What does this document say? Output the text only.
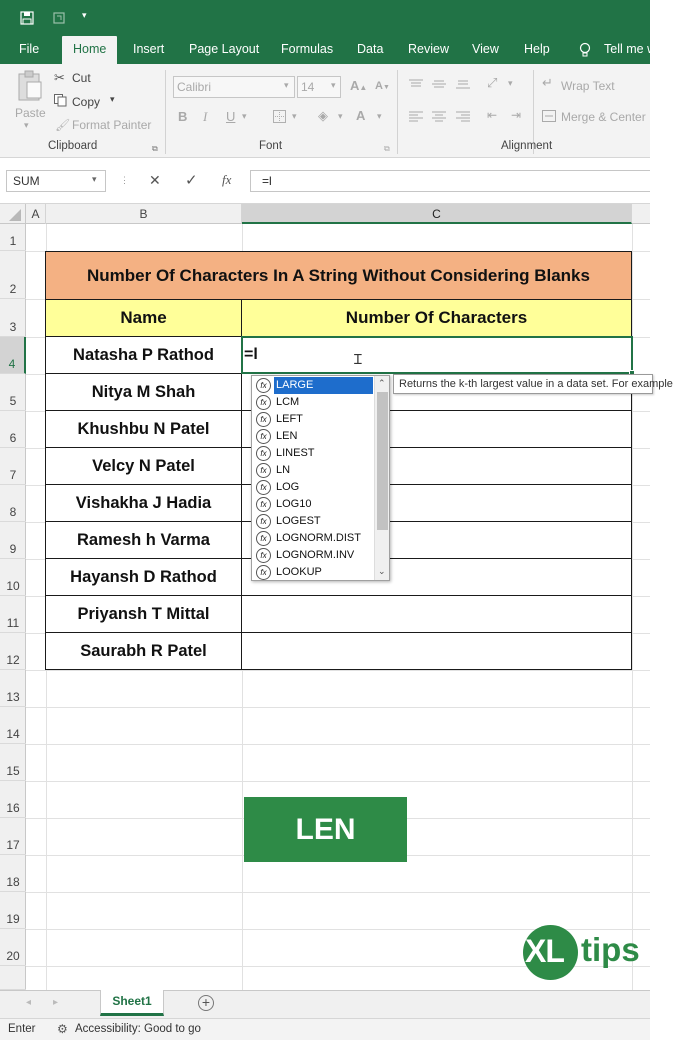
▾
File	Home	Insert Page Layout Formulas Data Review View Help	Tell me w
Paste
▾
✂ Cut
Copy ▾
🖌 Format Painter
Clipboard	⧉
Calibri	▾	14	▾ A▲ A▼
B I U ▾	▾ ◈ ▾ A ▾
Font	⧉
⤢ ▾
⇤ ⇥
↵ Wrap Text
Merge & Center
Alignment
SUM	▾	⋮ ✕ ✓ fx	=l
A	B	C
1
2
3
4
5
6
7
8
9
10
11
12
13
14
15
16
17
18
19
20
Number Of Characters In A String Without Considering Blanks
Name	Number Of Characters
Natasha P Rathod
Nitya M Shah
Khushbu N Patel
Velcy N Patel
Vishakha J Hadia
Ramesh h Varma
Hayansh D Rathod
Priyansh T Mittal
Saurabh R Patel
=l	Ɪ
fx LARGE
fx LCM
fx LEFT
fx LEN
fx LINEST
fx LN
fx LOG
fx LOG10
fx LOGEST
fx LOGNORM.DIST
fx LOGNORM.INV
fx LOOKUP
⌃
⌄
Returns the k-th largest value in a data set. For example
LEN
XL tips
◂ ▸	Sheet1	+
Enter ⚙ Accessibility: Good to go
